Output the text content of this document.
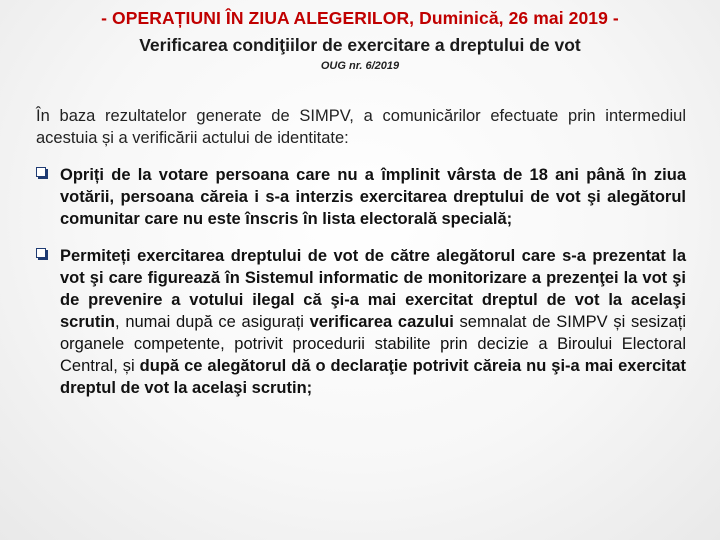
- OPERAȚIUNI ÎN ZIUA ALEGERILOR, Duminică, 26 mai 2019 -
Verificarea condiţiilor de exercitare a dreptului de vot
OUG nr. 6/2019
În baza rezultatelor generate de SIMPV, a comunicărilor efectuate prin intermediul acestuia și a verificării actului de identitate:
Opriți de la votare persoana care nu a împlinit vârsta de 18 ani până în ziua votării, persoana căreia i s-a interzis exercitarea dreptului de vot şi alegătorul comunitar care nu este înscris în lista electorală specială;
Permiteți exercitarea dreptului de vot de către alegătorul care s-a prezentat la vot şi care figurează în Sistemul informatic de monitorizare a prezenţei la vot şi de prevenire a votului ilegal că şi-a mai exercitat dreptul de vot la acelaşi scrutin, numai după ce asigurați verificarea cazului semnalat de SIMPV și sesizați organele competente, potrivit procedurii stabilite prin decizie a Biroului Electoral Central, și după ce alegătorul dă o declaraţie potrivit căreia nu şi-a mai exercitat dreptul de vot la acelaşi scrutin;
